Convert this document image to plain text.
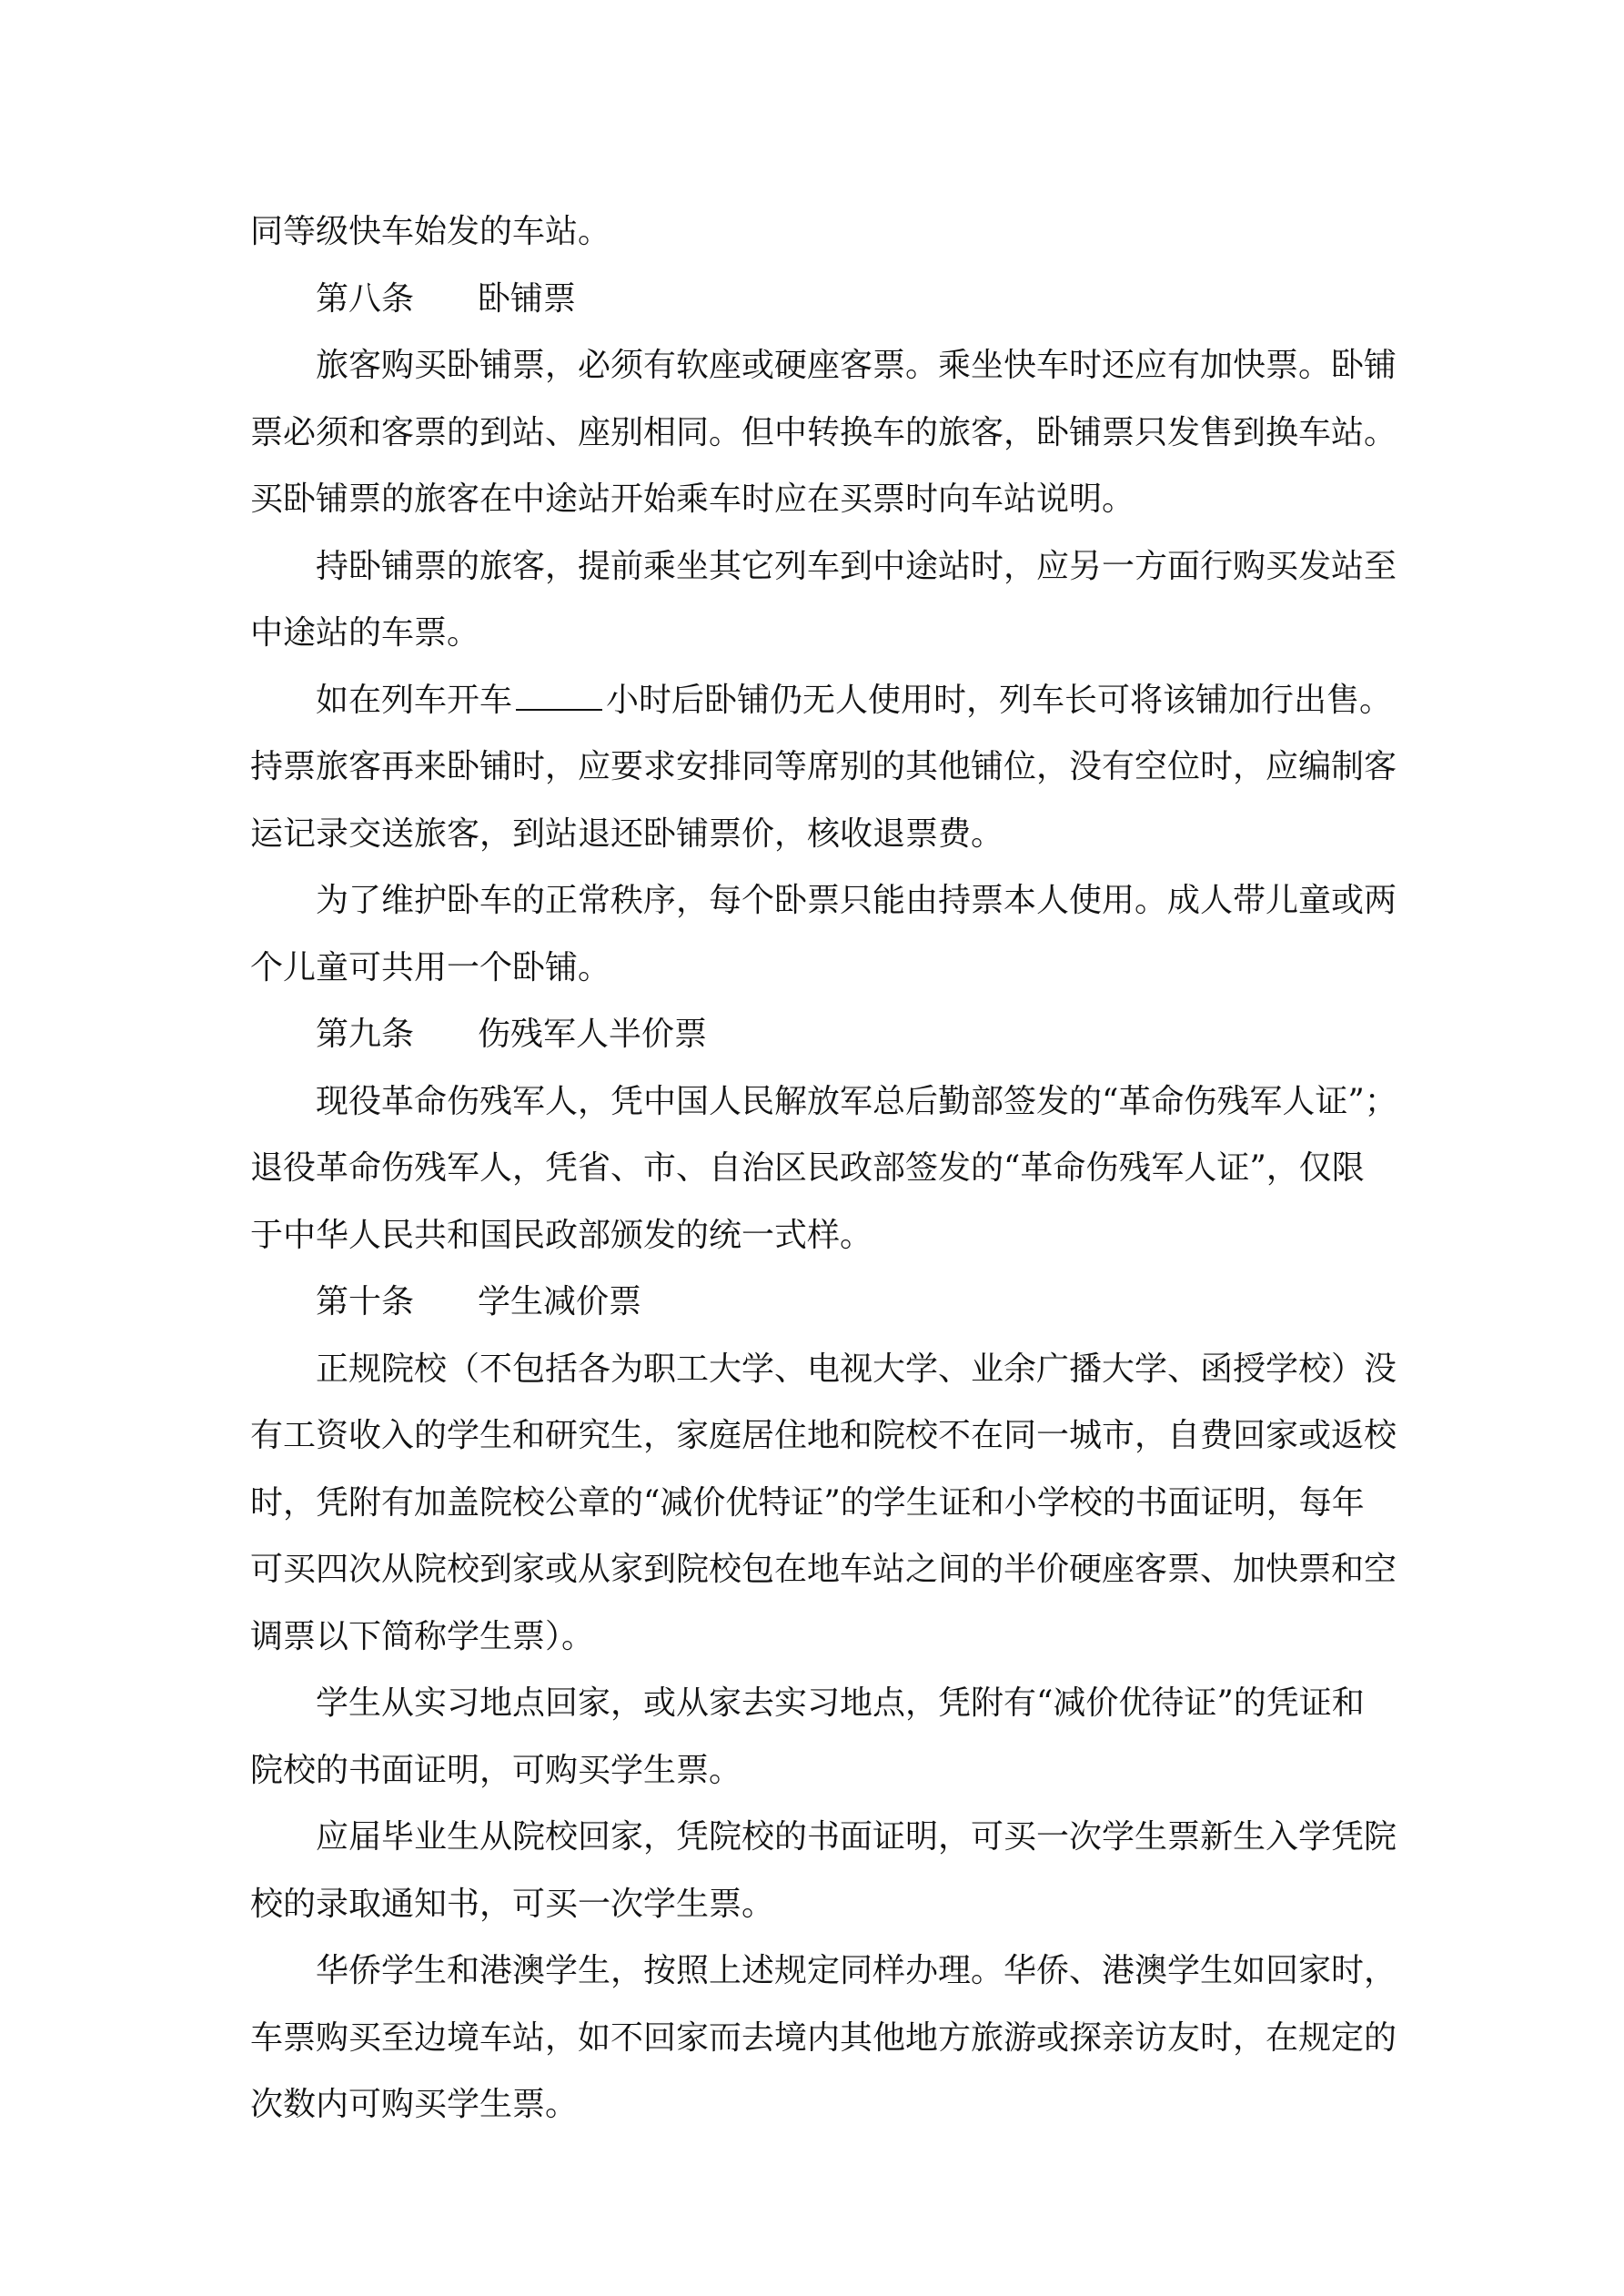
同等级快车始发的车站。

第八条 卧铺票

旅客购买卧铺票，必须有软座或硬座客票。乘坐快车时还应有加快票。卧铺

票必须和客票的到站、座别相同。但中转换车的旅客，卧铺票只发售到换车站。

买卧铺票的旅客在中途站开始乘车时应在买票时向车站说明。

持卧铺票的旅客，提前乘坐其它列车到中途站时，应另一方面行购买发站至

中途站的车票。

如在列车开车	小时后卧铺仍无人使用时，列车长可将该铺加行出售。

持票旅客再来卧铺时，应要求安排同等席别的其他铺位，没有空位时，应编制客

运记录交送旅客，到站退还卧铺票价，核收退票费。

为了维护卧车的正常秩序，每个卧票只能由持票本人使用。成人带儿童或两

个儿童可共用一个卧铺。

第九条 伤残军人半价票

现役革命伤残军人，凭中国人民解放军总后勤部签发的“革命伤残军人证”；

退役革命伤残军人，凭省、市、自治区民政部签发的“革命伤残军人证”，仅限

于中华人民共和国民政部颁发的统一式样。

第十条 学生减价票

正规院校（不包括各为职工大学、电视大学、业余广播大学、函授学校）没

有工资收入的学生和研究生，家庭居住地和院校不在同一城市，自费回家或返校

时，凭附有加盖院校公章的“减价优特证”的学生证和小学校的书面证明，每年

可买四次从院校到家或从家到院校包在地车站之间的半价硬座客票、加快票和空

调票以下简称学生票）。

学生从实习地点回家，或从家去实习地点，凭附有“减价优待证”的凭证和

院校的书面证明，可购买学生票。

应届毕业生从院校回家，凭院校的书面证明，可买一次学生票新生入学凭院

校的录取通知书，可买一次学生票。

华侨学生和港澳学生，按照上述规定同样办理。华侨、港澳学生如回家时，

车票购买至边境车站，如不回家而去境内其他地方旅游或探亲访友时，在规定的

次数内可购买学生票。
